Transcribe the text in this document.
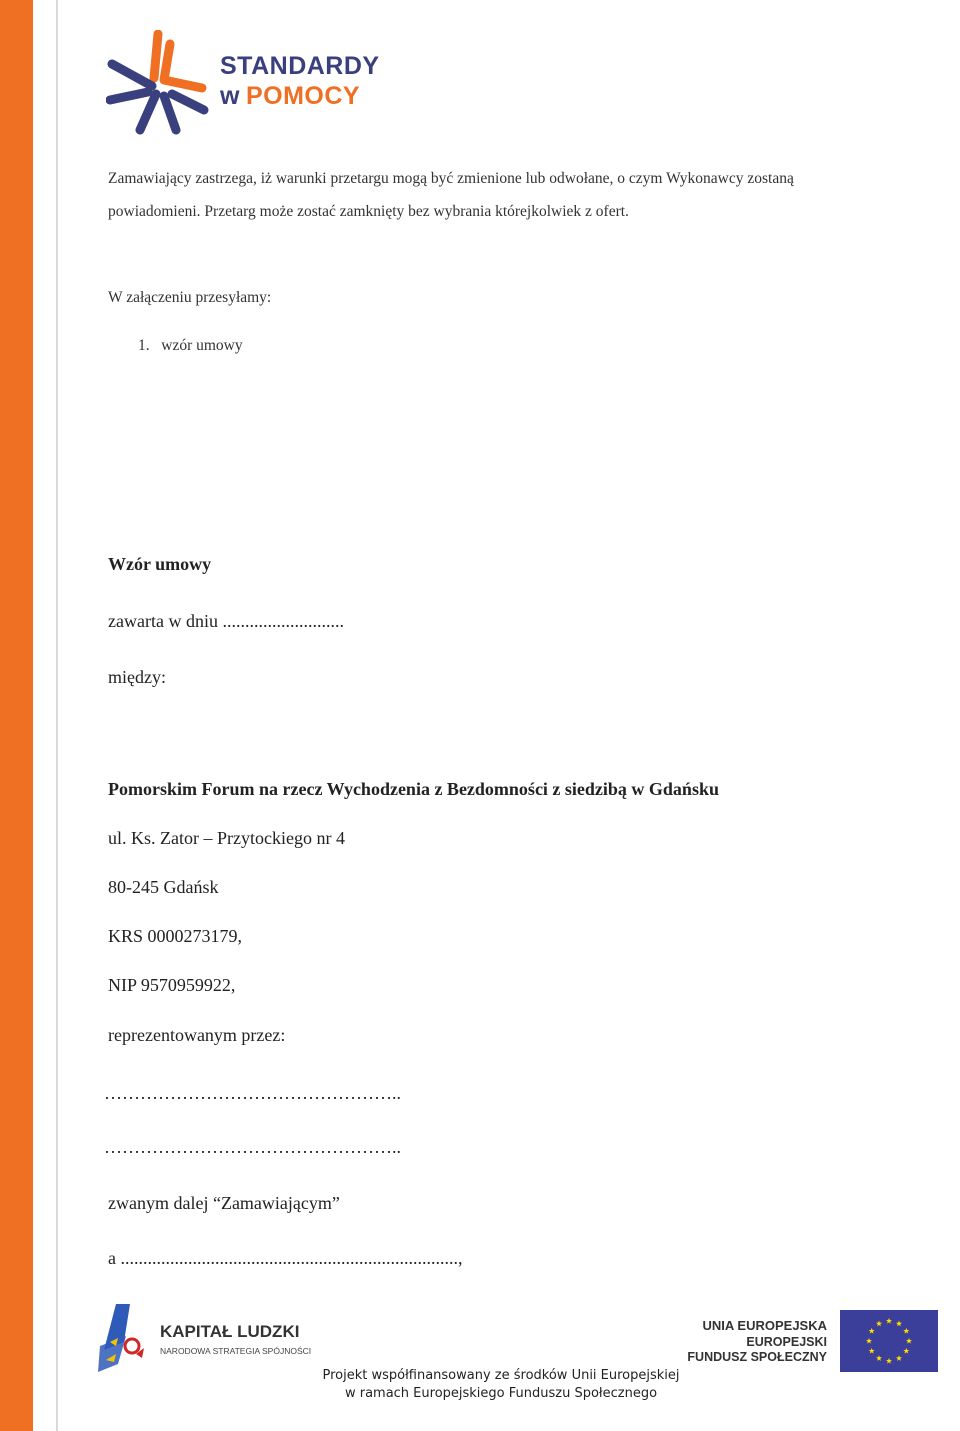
STANDARDY
w POMOCY
Zamawiający zastrzega, iż warunki przetargu mogą być zmienione lub odwołane, o czym Wykonawcy zostaną
powiadomieni. Przetarg może zostać zamknięty bez wybrania którejkolwiek z ofert.
W załączeniu przesyłamy:
1.   wzór umowy
Wzór umowy
zawarta w dniu ...........................
między:
Pomorskim Forum na rzecz Wychodzenia z Bezdomności z siedzibą w Gdańsku
ul. Ks. Zator – Przytockiego nr 4
80-245 Gdańsk
KRS 0000273179,
NIP 9570959922,
reprezentowanym przez:
…………………………………………..
…………………………………………..
zwanym dalej “Zamawiającym”
a ...........................................................................,
KAPITAŁ LUDZKI
NARODOWA STRATEGIA SPÓJNOŚCI
UNIA EUROPEJSKA
EUROPEJSKI
FUNDUSZ SPOŁECZNY
Projekt współfinansowany ze środków Unii Europejskiej
w ramach Europejskiego Funduszu Społecznego
